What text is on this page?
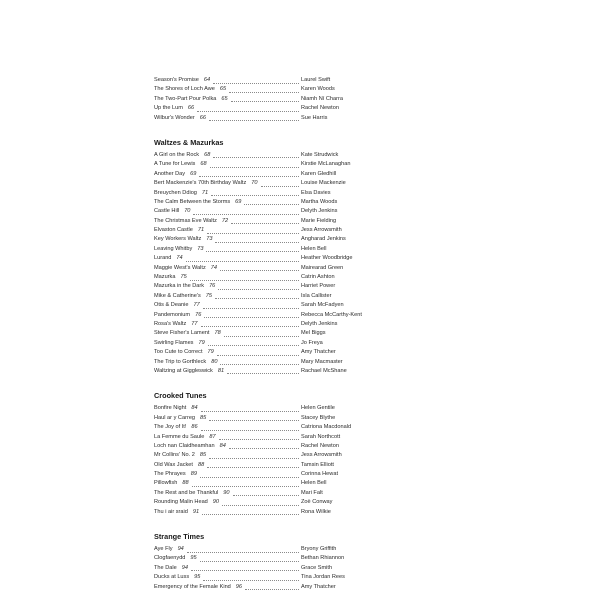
Season's Promise 64	Laurel Swift
The Shores of Loch Awe 65	Karen Woods
The Two-Part Pour Polka 65	Niamh Ní Charra
Up the Lum 66	Rachel Newton
Wilbur's Wonder 66	Sue Harris
Waltzes & Mazurkas
A Girl on the Rock 68	Kate Strudwick
A Tune for Lewis 68	Kirstie McLanaghan
Another Day 69	Karen Gledhill
Bert Mackenzie's 70th Birthday Waltz 70	Louise Mackenzie
Breuychen Ddiog 71	Elsa Davies
The Calm Between the Storms 69	Martha Woods
Castle Hill 70	Delyth Jenkins
The Christmas Eve Waltz 72	Marie Fielding
Elvaston Castle 71	Jess Arrowsmith
Key Workers Waltz 73	Angharad Jenkins
Leaving Whitby 73	Helen Bell
Lurand 74	Heather Woodbridge
Maggie West's Waltz 74	Mairearad Green
Mazurka 75	Catrin Ashton
Mazurka in the Dark 76	Harriet Power
Mike & Catherine's 75	Isla Callister
Otis & Deanie 77	Sarah McFadyen
Pandemonium 76	Rebecca McCarthy-Kent
Rosa's Waltz 77	Delyth Jenkins
Steve Fisher's Lament 78	Mel Biggs
Swirling Flames 79	Jo Freya
Too Cute to Correct 79	Amy Thatcher
The Trip to Gorthleck 80	Mary Macmaster
Waltzing at Giggleswick 81	Rachael McShane
Crooked Tunes
Bonfire Night 84	Helen Gentile
Haul ar y Carreg 85	Stacey Blythe
The Joy of It! 86	Catriona Macdonald
La Femme du Saule 87	Sarah Northcott
Loch nan Claidheamhan 84	Rachel Newton
Mr Collins' No. 2 85	Jess Arrowsmith
Old Wax Jacket 88	Tamsin Elliott
The Phrayes 89	Corinna Hewat
Pillowfish 88	Helen Bell
The Rest and be Thankful 90	Mari Falt
Rounding Malin Head 90	Zoë Conway
Thu i air sraid 91	Rona Wilkie
Strange Times
Aye Fly 94	Bryony Griffith
Clogfaenydd 95	Bethan Rhiannon
The Dale 94	Grace Smith
Ducks at Luss 95	Tina Jordan Rees
Emergency of the Female Kind 96	Amy Thatcher
